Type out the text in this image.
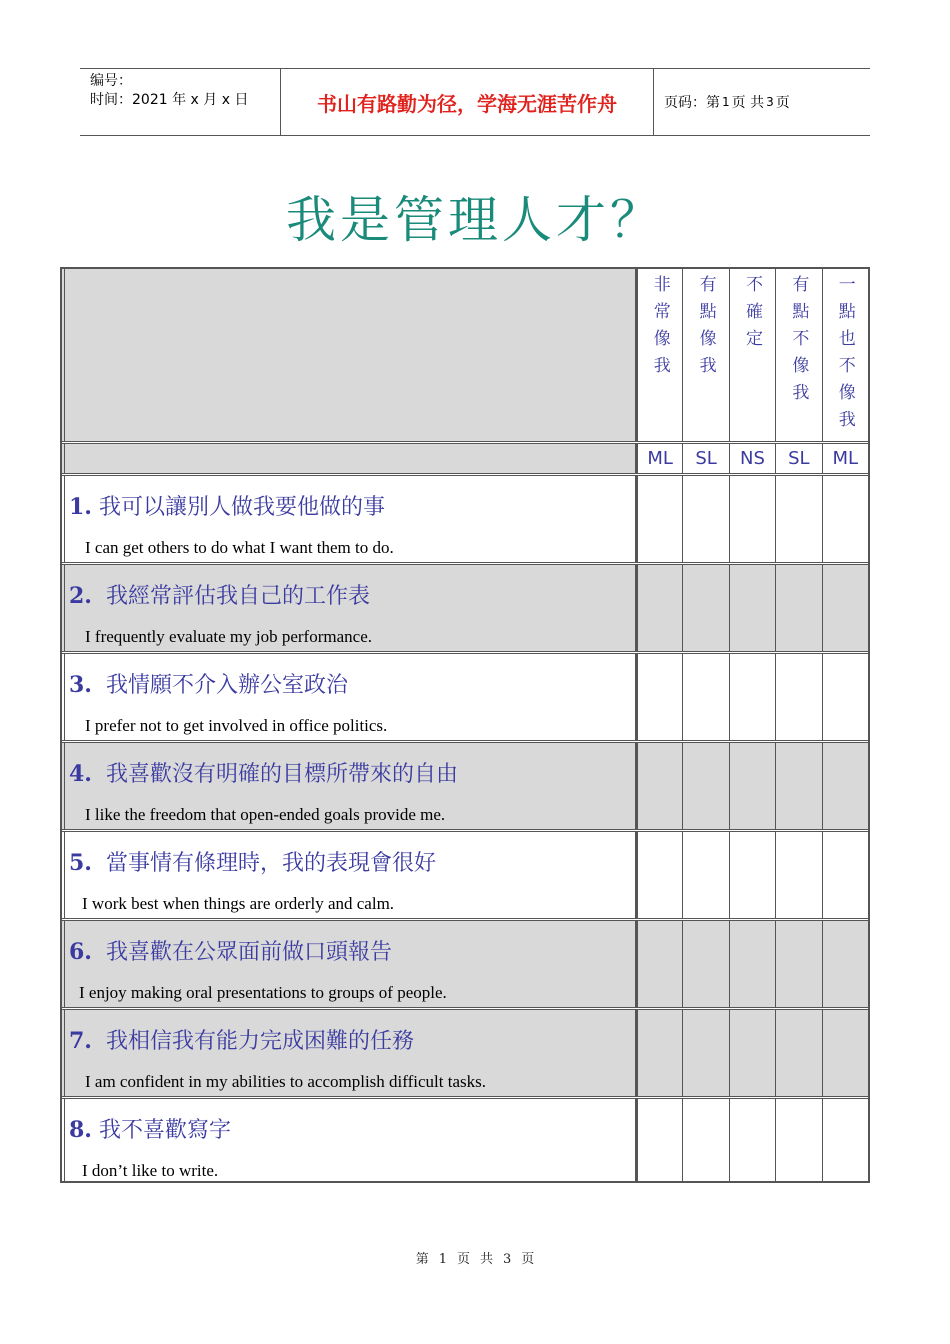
编号：
时间：2021 年 x 月 x 日	书山有路勤为径，学海无涯苦作舟	页码：第 1 页 共 3 页
我是管理人才？
非常像我 有點像我 不確定 有點不像我 一點也不像我
ML	SL	NS	SL	ML
1. 我可以讓別人做我要他做的事
I can get others to do what I want them to do.
2. 我經常評估我自己的工作表
I frequently evaluate my job performance.
3. 我情願不介入辦公室政治
I prefer not to get involved in office politics.
4. 我喜歡沒有明確的目標所帶來的自由
I like the freedom that open-ended goals provide me.
5. 當事情有條理時，我的表現會很好
I work best when things are orderly and calm.
6. 我喜歡在公眾面前做口頭報告
I enjoy making oral presentations to groups of people.
7. 我相信我有能力完成困難的任務
I am confident in my abilities to accomplish difficult tasks.
8. 我不喜歡寫字
I don’t like to write.
第 1 页 共 3 页
